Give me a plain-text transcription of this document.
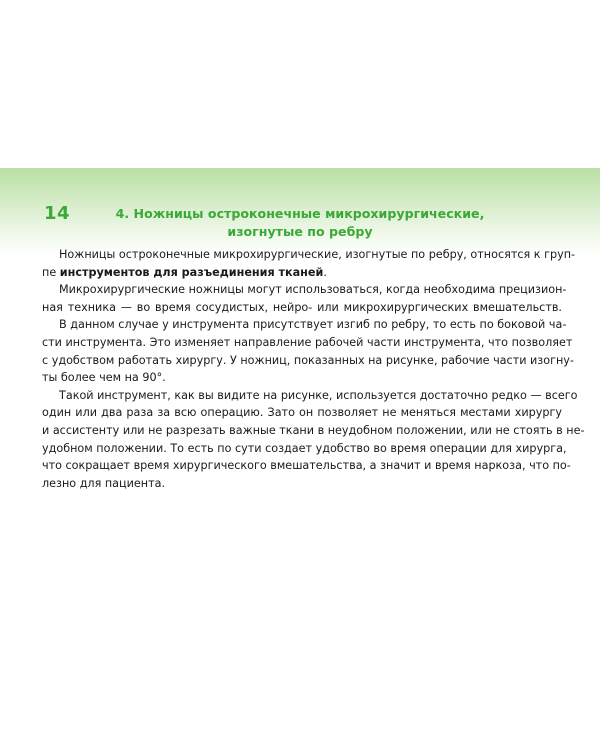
14	4. Ножницы остроконечные микрохирургические,
изогнутые по ребру
Ножницы остроконечные микрохирургические, изогнутые по ребру, относятся к груп-
пе инструментов для разъединения тканей.
Микрохирургические ножницы могут использоваться, когда необходима прецизион-
ная техника — во время сосудистых, нейро- или микрохирургических вмешательств.
В данном случае у инструмента присутствует изгиб по ребру, то есть по боковой ча-
сти инструмента. Это изменяет направление рабочей части инструмента, что позволяет
с удобством работать хирургу. У ножниц, показанных на рисунке, рабочие части изогну-
ты более чем на 90°.
Такой инструмент, как вы видите на рисунке, используется достаточно редко — всего
один или два раза за всю операцию. Зато он позволяет не меняться местами хирургу
и ассистенту или не разрезать важные ткани в неудобном положении, или не стоять в не-
удобном положении. То есть по сути создает удобство во время операции для хирурга,
что сокращает время хирургического вмешательства, а значит и время наркоза, что по-
лезно для пациента.
